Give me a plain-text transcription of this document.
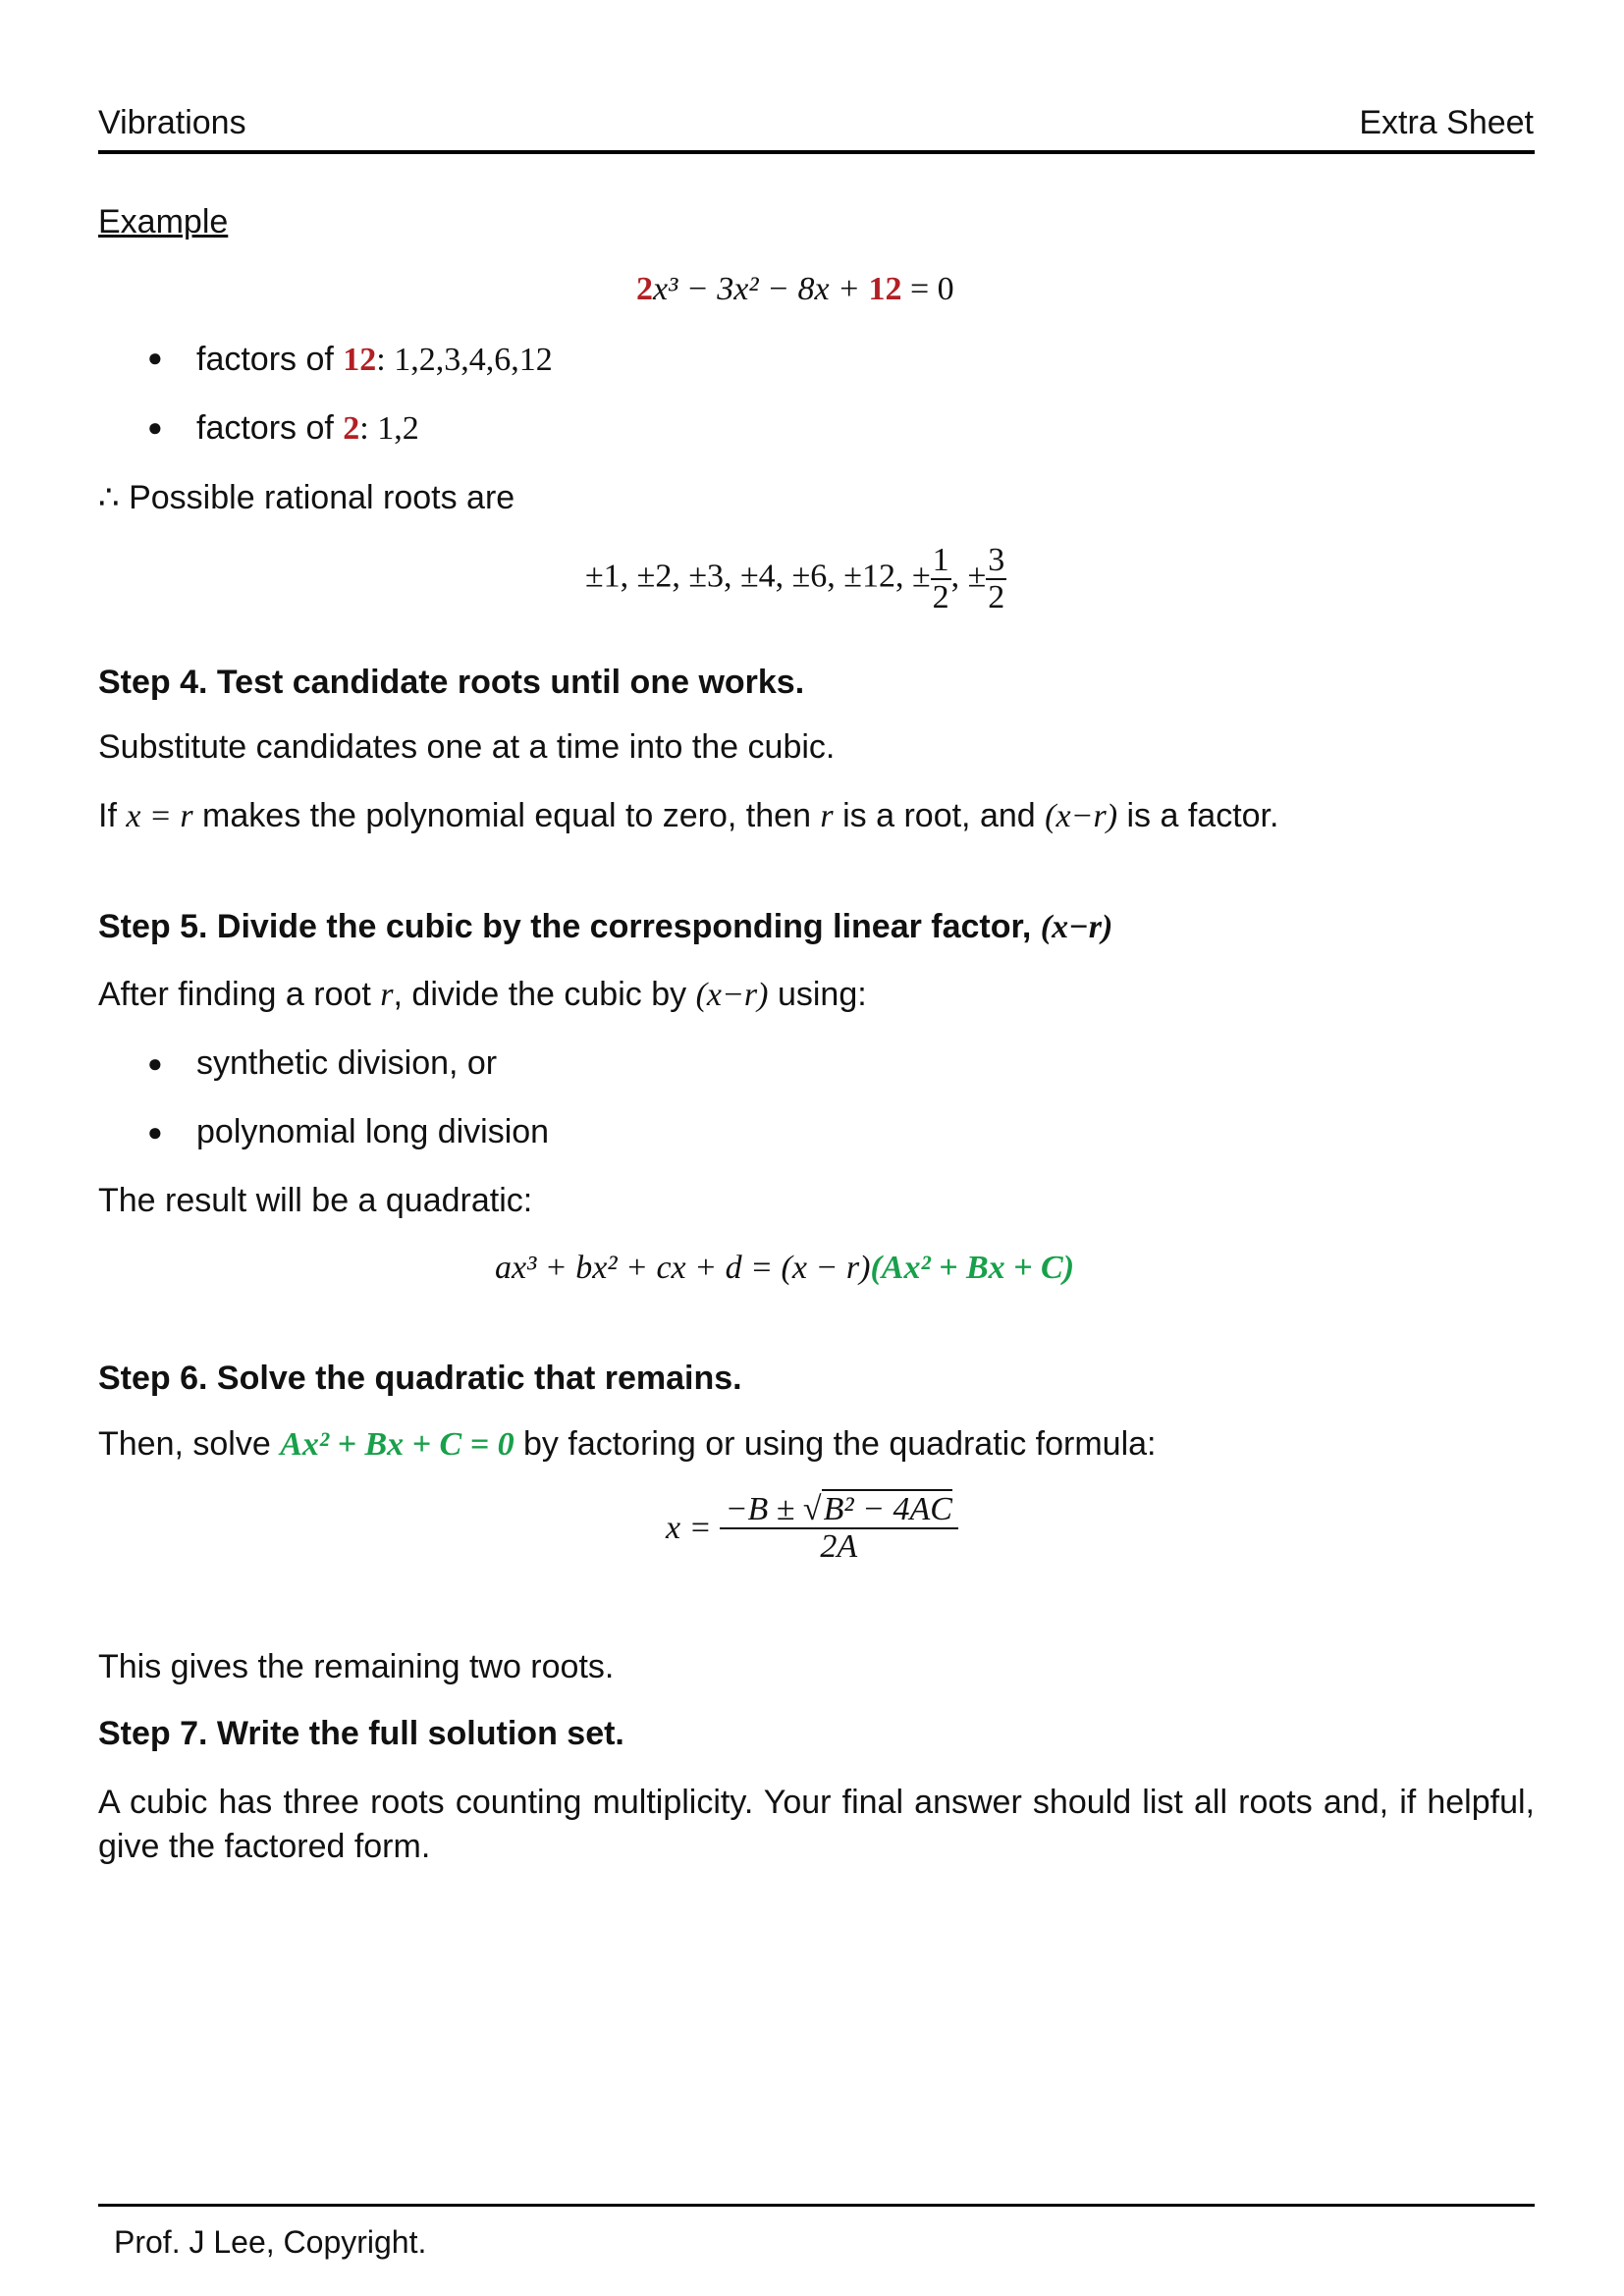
Vibrations	Extra Sheet
Example
2x³ − 3x² − 8x + 12 = 0
● factors of 12: 1,2,3,4,6,12
● factors of 2: 1,2
∴ Possible rational roots are
±1, ±2, ±3, ±4, ±6, ±12, ± $\frac{1}{2}$ , ± $\frac{3}{2}$
Step 4. Test candidate roots until one works.
Substitute candidates one at a time into the cubic.
If x = r makes the polynomial equal to zero, then r is a root, and (x−r) is a factor.
Step 5. Divide the cubic by the corresponding linear factor, (x−r)
After finding a root r, divide the cubic by (x−r) using:
● synthetic division, or
● polynomial long division
The result will be a quadratic:
ax³ + bx² + cx + d = (x − r)(Ax² + Bx + C)
Step 6. Solve the quadratic that remains.
Then, solve Ax² + Bx + C = 0 by factoring or using the quadratic formula:
$x = \frac{\text{−B ± √B² − 4AC}}{2A}$
This gives the remaining two roots.
Step 7. Write the full solution set.
A cubic has three roots counting multiplicity. Your final answer should list all roots and, if helpful,
give the factored form.
Prof. J Lee, Copyright.
